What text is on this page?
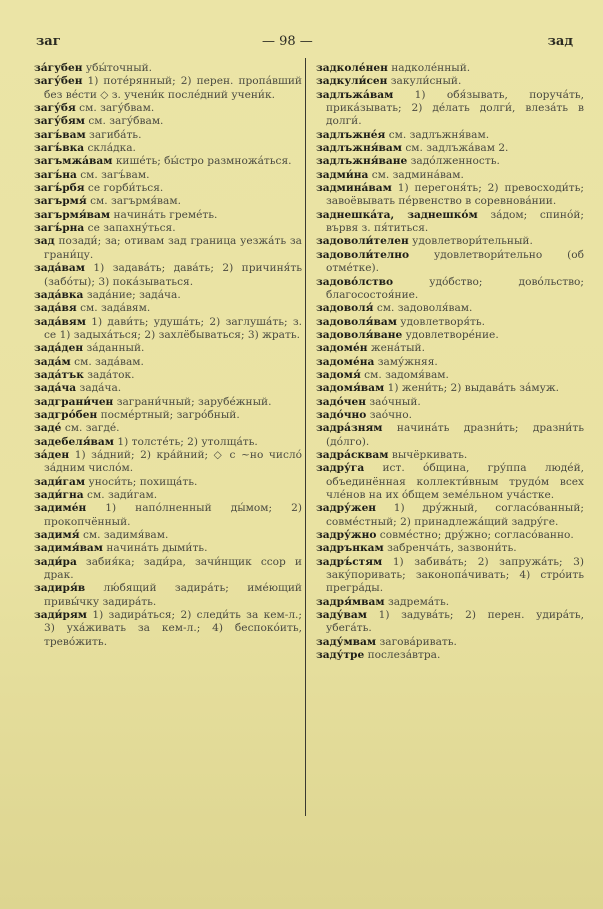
заг	— 98 —	зад
за́губен убы́точный.
загу́бен 1) поте́рянный; 2) перен. пропа́вший без ве́сти ◇ з. учени́к после́дний учени́к.
загу́бя см. загу́бвам.
загу́бям см. загу́бвам.
загъ́вам загиба́ть.
загъ́вка скла́дка.
загъмжа́вам кише́ть; бы́стро размножа́ться.
загъ́на см. загъ́вам.
загъ́рбя се горби́ться.
загърмя́ см. загърмя́вам.
загърмя́вам начина́ть греме́ть.
загъ́рна се запахну́ться.
зад позади́; за; отивам зад граница уезжа́ть за грани́цу.
зада́вам 1) задава́ть; дава́ть; 2) причиня́ть (забо́ты); 3) пока́зываться.
зада́вка зада́ние; зада́ча.
зада́вя см. зада́вям.
зада́вям 1) дави́ть; удуша́ть; 2) заглуша́ть; з. се 1) задыха́ться; 2) захлёбываться; 3) жрать.
зада́ден за́данный.
зада́м см. зада́вам.
зада́тък зада́ток.
зада́ча зада́ча.
задграни́чен загрaни́чный; зарубе́жный.
задгро́бен посме́ртный; загро́бный.
заде́ см. загде́.
задебеля́вам 1) толсте́ть; 2) утолща́ть.
за́ден 1) за́дний; 2) кра́йний; ◇ с ~но число́ за́дним число́м.
зади́гам уноси́ть; похища́ть.
зади́гна см. зади́гам.
задиме́н 1) напо́лненный ды́мом; 2) прокопчённый.
задимя́ см. задимя́вам.
задимя́вам начина́ть дыми́ть.
зади́ра забия́ка; зади́ра, зачи́нщик ссор и драк.
задиря́в лю́бящий задира́ть; име́ющий привы́чку задира́ть.
зади́рям 1) задира́ться; 2) следи́ть за кем-л.; 3) уха́живать за кем-л.; 4) беспоко́ить, трево́жить.
задколе́нен надколе́нный.
задкули́сен закули́сный.
задлъжа́вам 1) обя́зывать, поруча́ть, прика́зывать; 2) де́лать долги́, влеза́ть в долги́.
задлъжне́я см. задлъжня́вам.
задлъжня́вам см. задлъжа́вам 2.
задлъжня́ване задо́лженность.
задми́на см. задмина́вам.
задмина́вам 1) перегоня́ть; 2) превосходи́ть; завоёвывать пе́рвенство в соревнова́нии.
заднешка́та, заднешко́м за́дом; спино́й; вървя з. пя́титься.
задоволи́телен удовлетвори́тельный.
задоволи́телно удовлетвори́тельно (об отме́тке).
задово́лство	удо́бство; дово́льство; благосостоя́ние.
задоволя́ см. задоволя́вам.
задоволя́вам удовлетворя́ть.
задоволя́ване удовлетворе́ние.
задоме́н жена́тый.
задоме́на заму́жняя.
задомя́ см. задомя́вам.
задомя́вам 1) жени́ть; 2) выдава́ть за́муж.
задо́чен зао́чный.
задо́чно зао́чно.
задра́зням начина́ть дразни́ть; дразни́ть (до́лго).
задра́сквам вычёркивать.
задру́га ист. о́бщина, гру́ппа люде́й, объединённая коллекти́вным трудо́м всех чле́нов на их о́бщем земе́льном уча́стке.
задру́жен 1) дру́жный, согласо́ванный; совме́стный; 2) принадлежа́щий задру́ге.
задру́жно совме́стно; дру́жно; согласо́ванно.
задрънкам забренча́ть, зазвони́ть.
задръ́стям 1) забива́ть; 2) запружа́ть; 3) заку́поривать; законопа́чивать; 4) стро́ить прегра́ды.
задря́мвам задрема́ть.
заду́вам 1) задува́ть; 2) перен. удира́ть, убега́ть.
заду́мвам загова́ривать.
заду́тре послеза́втра.
